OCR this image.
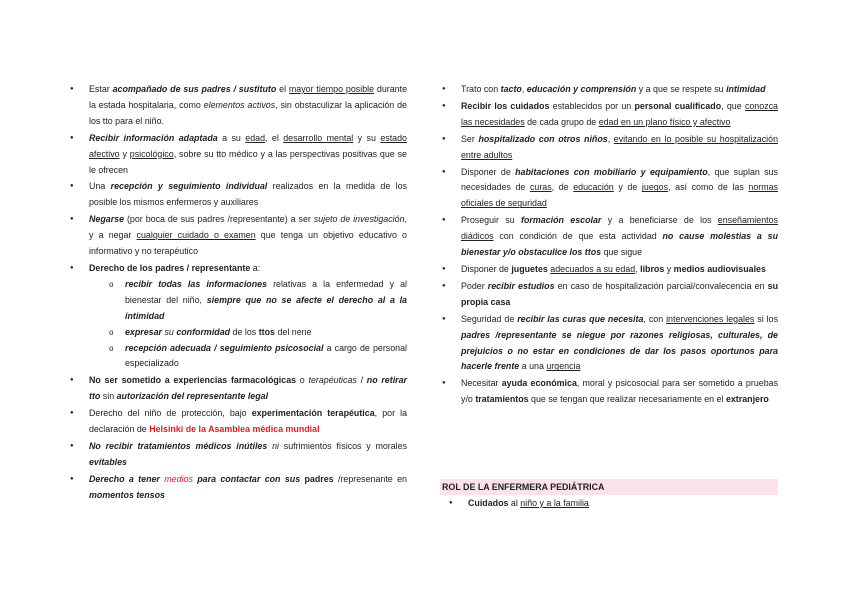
● Estar acompañado de sus padres / sustituto el mayor tiempo posible durante la estada hospitalaria, como elementos activos, sin obstaculizar la aplicación de los tto para el niño.
● Recibir información adaptada a su edad, el desarrollo mental y su estado afectivo y psicológico, sobre su tto médico y a las perspectivas positivas que se le ofrecen
● Una recepción y seguimiento individual realizados en la medida de los posible los mismos enfermeros y auxiliares
● Negarse (por boca de sus padres /representante) a ser sujeto de investigación, y a negar cualquier cuidado o examen que tenga un objetivo educativo o informativo y no terapéutico
● Derecho de los padres / representante a:
o recibir todas las informaciones relativas a la enfermedad y al bienestar del niño, siempre que no se afecte el derecho al a la intimidad
o expresar su conformidad de los ttos del nene
o recepción adecuada / seguimiento psicosocial a cargo de personal especializado
● No ser sometido a experiencias farmacológicas o terapéuticas / no retirar tto sin autorización del representante legal
● Derecho del niño de protección, bajo experimentación terapéutica, por la declaración de Helsinki de la Asamblea médica mundial
● No recibir tratamientos médicos inútiles ni sufrimientos físicos y morales evitables
● Derecho a tener medios para contactar con sus padres /represenante en momentos tensos
● Trato con tacto, educación y comprensión y a que se respete su intimidad
● Recibir los cuidados establecidos por un personal cualificado, que conozca las necesidades de cada grupo de edad en un plano físico y afectivo
● Ser hospitalizado con otros niños, evitando en lo posible su hospitalización entre adultos
● Disponer de habitaciones con mobiliario y equipamiento, que suplan sus necesidades de curas, de educación y de juegos, así como de las normas oficiales de seguridad
● Proseguir su formación escolar y a beneficiarse de los enseñamientos diádicos con condición de que esta actividad no cause molestias a su bienestar y/o obstaculice los ttos que sigue
● Disponer de juguetes adecuados a su edad, libros y medios audiovisuales
● Poder recibir estudios en caso de hospitalización parcial/convalecencia en su propia casa
● Seguridad de recibir las curas que necesita, con intervenciones legales si los padres /representante se niegue por razones religiosas, culturales, de prejuicios o no estar en condiciones de dar los pasos oportunos para hacerle frente a una urgencia
● Necesitar ayuda económica, moral y psicosocial para ser sometido a pruebas y/o tratamientos que se tengan que realizar necesariamente en el extranjero
ROL DE LA ENFERMERA PEDIÁTRICA
● Cuidados al niño y a la familia
